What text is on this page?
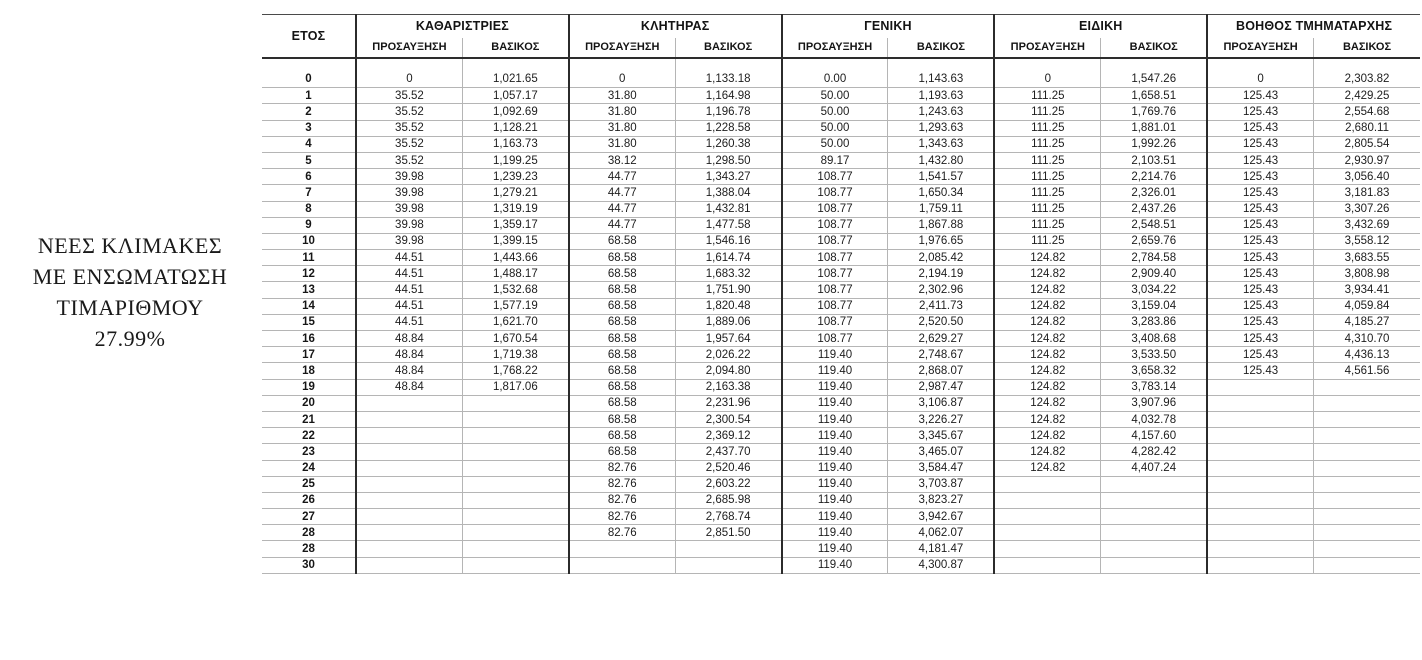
ΝΕΕΣ ΚΛΙΜΑΚΕΣ
ΜΕ ΕΝΣΩΜΑΤΩΣΗ
ΤΙΜΑΡΙΘΜΟΥ
27.99%
ΕΤΟΣ	ΚΑΘΑΡΙΣΤΡΙΕΣ		ΚΛΗΤΗΡΑΣ		ΓΕΝΙΚΗ		ΕΙΔΙΚΗ		ΒΟΗΘΟΣ ΤΜΗΜΑΤΑΡΧΗΣ	
	ΠΡΟΣΑΥΞΗΣΗ	ΒΑΣΙΚΟΣ	ΠΡΟΣΑΥΞΗΣΗ	ΒΑΣΙΚΟΣ	ΠΡΟΣΑΥΞΗΣΗ	ΒΑΣΙΚΟΣ	ΠΡΟΣΑΥΞΗΣΗ	ΒΑΣΙΚΟΣ	ΠΡΟΣΑΥΞΗΣΗ	ΒΑΣΙΚΟΣ

0	0	1,021.65	0	1,133.18	0.00	1,143.63	0	1,547.26	0	2,303.82
1	35.52	1,057.17	31.80	1,164.98	50.00	1,193.63	111.25	1,658.51	125.43	2,429.25
2	35.52	1,092.69	31.80	1,196.78	50.00	1,243.63	111.25	1,769.76	125.43	2,554.68
3	35.52	1,128.21	31.80	1,228.58	50.00	1,293.63	111.25	1,881.01	125.43	2,680.11
4	35.52	1,163.73	31.80	1,260.38	50.00	1,343.63	111.25	1,992.26	125.43	2,805.54
5	35.52	1,199.25	38.12	1,298.50	89.17	1,432.80	111.25	2,103.51	125.43	2,930.97
6	39.98	1,239.23	44.77	1,343.27	108.77	1,541.57	111.25	2,214.76	125.43	3,056.40
7	39.98	1,279.21	44.77	1,388.04	108.77	1,650.34	111.25	2,326.01	125.43	3,181.83
8	39.98	1,319.19	44.77	1,432.81	108.77	1,759.11	111.25	2,437.26	125.43	3,307.26
9	39.98	1,359.17	44.77	1,477.58	108.77	1,867.88	111.25	2,548.51	125.43	3,432.69
10	39.98	1,399.15	68.58	1,546.16	108.77	1,976.65	111.25	2,659.76	125.43	3,558.12
11	44.51	1,443.66	68.58	1,614.74	108.77	2,085.42	124.82	2,784.58	125.43	3,683.55
12	44.51	1,488.17	68.58	1,683.32	108.77	2,194.19	124.82	2,909.40	125.43	3,808.98
13	44.51	1,532.68	68.58	1,751.90	108.77	2,302.96	124.82	3,034.22	125.43	3,934.41
14	44.51	1,577.19	68.58	1,820.48	108.77	2,411.73	124.82	3,159.04	125.43	4,059.84
15	44.51	1,621.70	68.58	1,889.06	108.77	2,520.50	124.82	3,283.86	125.43	4,185.27
16	48.84	1,670.54	68.58	1,957.64	108.77	2,629.27	124.82	3,408.68	125.43	4,310.70
17	48.84	1,719.38	68.58	2,026.22	119.40	2,748.67	124.82	3,533.50	125.43	4,436.13
18	48.84	1,768.22	68.58	2,094.80	119.40	2,868.07	124.82	3,658.32	125.43	4,561.56
19	48.84	1,817.06	68.58	2,163.38	119.40	2,987.47	124.82	3,783.14		
20			68.58	2,231.96	119.40	3,106.87	124.82	3,907.96		
21			68.58	2,300.54	119.40	3,226.27	124.82	4,032.78		
22			68.58	2,369.12	119.40	3,345.67	124.82	4,157.60		
23			68.58	2,437.70	119.40	3,465.07	124.82	4,282.42		
24			82.76	2,520.46	119.40	3,584.47	124.82	4,407.24		
25			82.76	2,603.22	119.40	3,703.87				
26			82.76	2,685.98	119.40	3,823.27				
27			82.76	2,768.74	119.40	3,942.67				
28			82.76	2,851.50	119.40	4,062.07				
28					119.40	4,181.47				
30					119.40	4,300.87				
